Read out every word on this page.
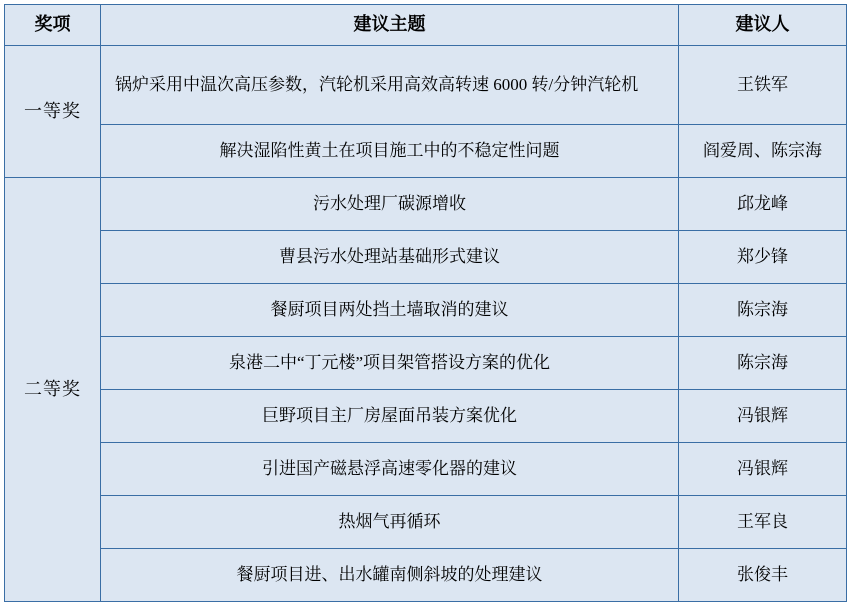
奖项	建议主题	建议人
一等奖	锅炉采用中温次高压参数，汽轮机采用高效高转速 6000 转/分钟汽轮机	王铁军
	解决湿陷性黄土在项目施工中的不稳定性问题	阎爱周、陈宗海
二等奖	污水处理厂碳源增收	邱龙峰
	曹县污水处理站基础形式建议	郑少锋
	餐厨项目两处挡土墙取消的建议	陈宗海
	泉港二中“丁元楼”项目架管搭设方案的优化	陈宗海
	巨野项目主厂房屋面吊装方案优化	冯银辉
	引进国产磁悬浮高速零化器的建议	冯银辉
	热烟气再循环	王军良
	餐厨项目进、出水罐南侧斜坡的处理建议	张俊丰
